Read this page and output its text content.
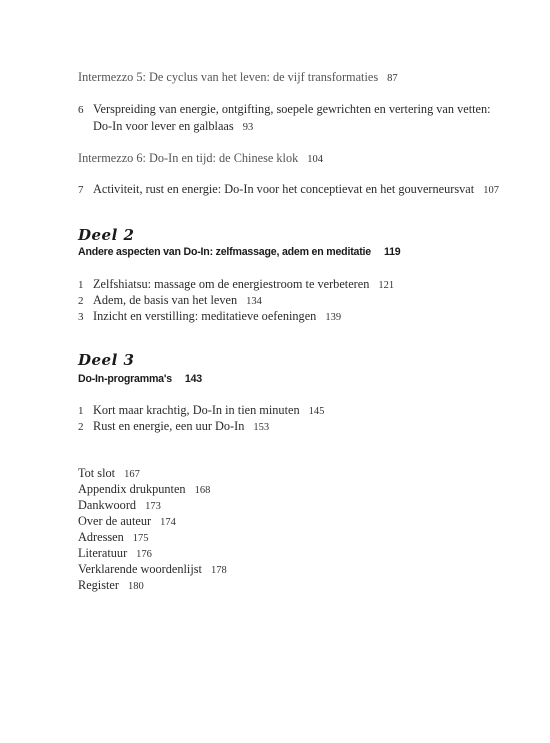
Intermezzo 5: De cyclus van het leven: de vijf transformaties 87
6 Verspreiding van energie, ontgifting, soepele gewrichten en vertering van vetten:
Do-In voor lever en galblaas 93
Intermezzo 6: Do-In en tijd: de Chinese klok 104
7 Activiteit, rust en energie: Do-In voor het conceptievat en het gouverneursvat 107
Deel 2
Andere aspecten van Do-In: zelfmassage, adem en meditatie 119
1 Zelfshiatsu: massage om de energiestroom te verbeteren 121
2 Adem, de basis van het leven 134
3 Inzicht en verstilling: meditatieve oefeningen 139
Deel 3
Do-In-programma's 143
1 Kort maar krachtig, Do-In in tien minuten 145
2 Rust en energie, een uur Do-In 153
Tot slot 167
Appendix drukpunten 168
Dankwoord 173
Over de auteur 174
Adressen 175
Literatuur 176
Verklarende woordenlijst 178
Register 180
